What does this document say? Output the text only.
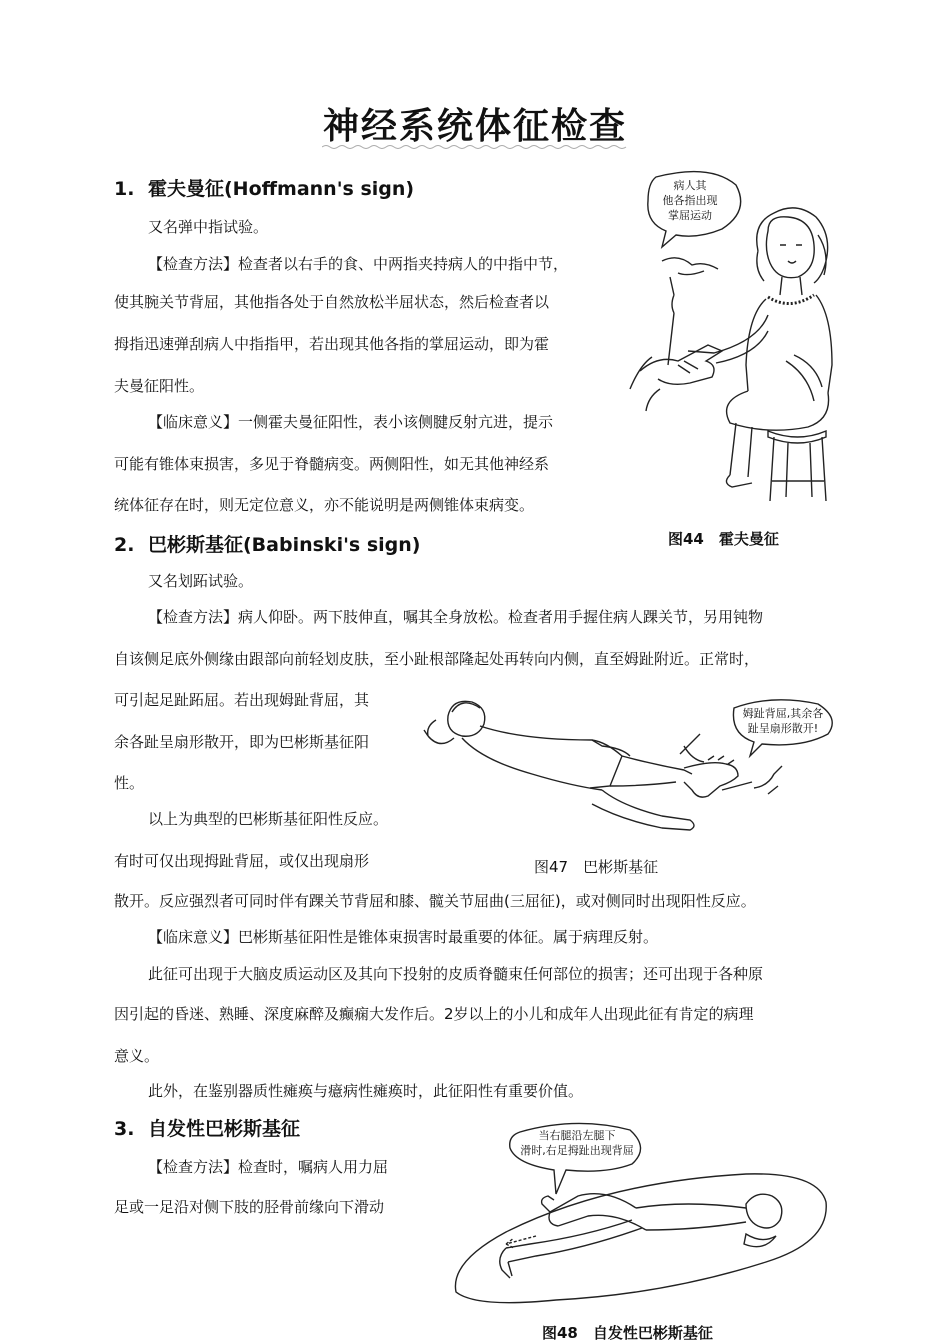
神经系统体征检查
1. 霍夫曼征(Hoffmann's sign)
又名弹中指试验。
【检查方法】检查者以右手的食、中两指夹持病人的中指中节，
使其腕关节背屈，其他指各处于自然放松半屈状态，然后检查者以
拇指迅速弹刮病人中指指甲，若出现其他各指的掌屈运动，即为霍
夫曼征阳性。
【临床意义】一侧霍夫曼征阳性，表小该侧腱反射亢进，提示
可能有锥体束损害，多见于脊髓病变。两侧阳性，如无其他神经系
统体征存在时，则无定位意义，亦不能说明是两侧锥体束病变。
病人其
他各指出现
掌屈运动
图44　霍夫曼征
2. 巴彬斯基征(Babinski's sign)
又名划跖试验。
【检查方法】病人仰卧。两下肢伸直，嘱其全身放松。检查者用手握住病人踝关节，另用钝物
自该侧足底外侧缘由跟部向前轻划皮肤，至小趾根部隆起处再转向内侧，直至姆趾附近。正常时，
可引起足趾跖屈。若出现姆趾背屈，其
余各趾呈扇形散开，即为巴彬斯基征阳
性。
以上为典型的巴彬斯基征阳性反应。
有时可仅出现拇趾背屈，或仅出现扇形
散开。反应强烈者可同时伴有踝关节背屈和膝、髋关节屈曲(三屈征)，或对侧同时出现阳性反应。
【临床意义】巴彬斯基征阳性是锥体束损害时最重要的体征。属于病理反射。
此征可出现于大脑皮质运动区及其向下投射的皮质脊髓束任何部位的损害；还可出现于各种原
因引起的昏迷、熟睡、深度麻醉及癫痫大发作后。2岁以上的小儿和成年人出现此征有肯定的病理
意义。
此外，在鉴别器质性瘫痪与癔病性瘫痪时，此征阳性有重要价值。
姆趾背屈,其余各
趾呈扇形散开!
图47　巴彬斯基征
3. 自发性巴彬斯基征
【检查方法】检查时，嘱病人用力屈
足或一足沿对侧下肢的胫骨前缘向下滑动
当右腿沿左腿下
滑时,右足拇趾出现背屈
图48　自发性巴彬斯基征
